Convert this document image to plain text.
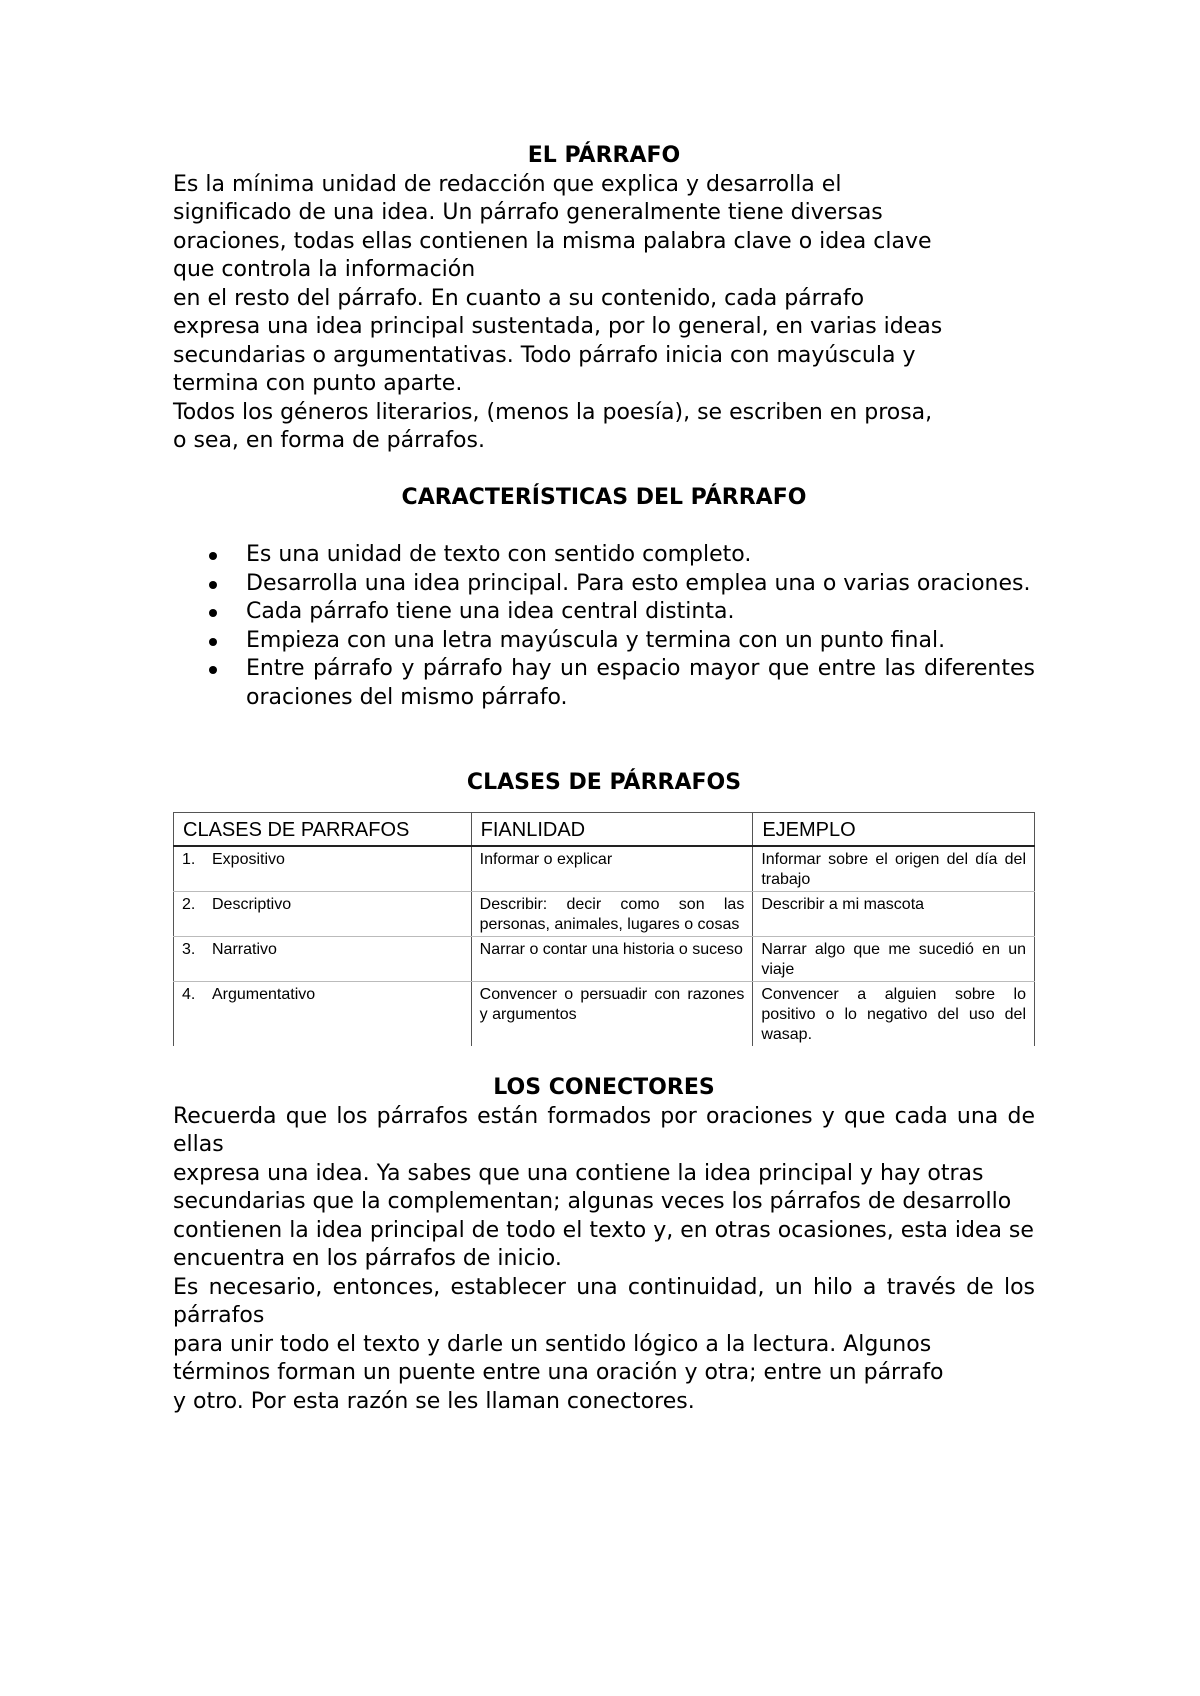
EL PÁRRAFO

Es la mínima unidad de redacción que explica y desarrolla el
significado de una idea. Un párrafo generalmente tiene diversas
oraciones, todas ellas contienen la misma palabra clave o idea clave
que controla la información
en el resto del párrafo. En cuanto a su contenido, cada párrafo
expresa una idea principal sustentada, por lo general, en varias ideas
secundarias o argumentativas. Todo párrafo inicia con mayúscula y
termina con punto aparte.
Todos los géneros literarios, (menos la poesía), se escriben en prosa,
o sea, en forma de párrafos.

CARACTERÍSTICAS DEL PÁRRAFO

Es una unidad de texto con sentido completo.
Desarrolla una idea principal. Para esto emplea una o varias oraciones.
Cada párrafo tiene una idea central distinta.
Empieza con una letra mayúscula y termina con un punto final.
Entre párrafo y párrafo hay un espacio mayor que entre las diferentes oraciones del mismo párrafo.

CLASES DE PÁRRAFOS

CLASES DE PARRAFOS	FIANLIDAD	EJEMPLO
1. Expositivo	Informar o explicar	Informar sobre el origen del día del trabajo
2. Descriptivo	Describir: decir como son las personas, animales, lugares o cosas	Describir a mi mascota
3. Narrativo	Narrar o contar una historia o suceso	Narrar algo que me sucedió en un viaje
4. Argumentativo	Convencer o persuadir con razones y argumentos	Convencer a alguien sobre lo positivo o lo negativo del uso del wasap.

LOS CONECTORES

Recuerda que los párrafos están formados por oraciones y que cada una de ellas
expresa una idea. Ya sabes que una contiene la idea principal y hay otras
secundarias que la complementan; algunas veces los párrafos de desarrollo
contienen la idea principal de todo el texto y, en otras ocasiones, esta idea se
encuentra en los párrafos de inicio.
Es necesario, entonces, establecer una continuidad, un hilo a través de los párrafos
para unir todo el texto y darle un sentido lógico a la lectura. Algunos
términos forman un puente entre una oración y otra; entre un párrafo
y otro. Por esta razón se les llaman conectores.
